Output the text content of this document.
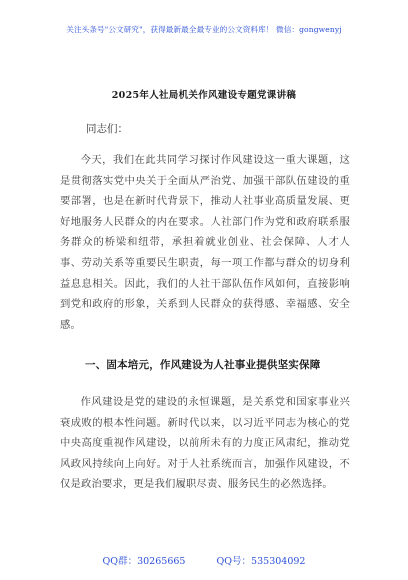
关注头条号"公文研究"，获得最新最全最专业的公文资料库！ 微信：gongwenyj
2025年人社局机关作风建设专题党课讲稿
同志们：

今天，我们在此共同学习探讨作风建设这一重大课题，这是贯彻落实党中央关于全面从严治党、加强干部队伍建设的重要部署，也是在新时代背景下，推动人社事业高质量发展、更好地服务人民群众的内在要求。人社部门作为党和政府联系服务群众的桥梁和纽带，承担着就业创业、社会保障、人才人事、劳动关系等重要民生职责，每一项工作都与群众的切身利益息息相关。因此，我们的人社干部队伍作风如何，直接影响到党和政府的形象，关系到人民群众的获得感、幸福感、安全感。

一、固本培元，作风建设为人社事业提供坚实保障

作风建设是党的建设的永恒课题，是关系党和国家事业兴衰成败的根本性问题。新时代以来，以习近平同志为核心的党中央高度重视作风建设，以前所未有的力度正风肃纪，推动党风政风持续向上向好。对于人社系统而言，加强作风建设，不仅是政治要求，更是我们履职尽责、服务民生的必然选择。

QQ群：30265665	QQ号：535304092
